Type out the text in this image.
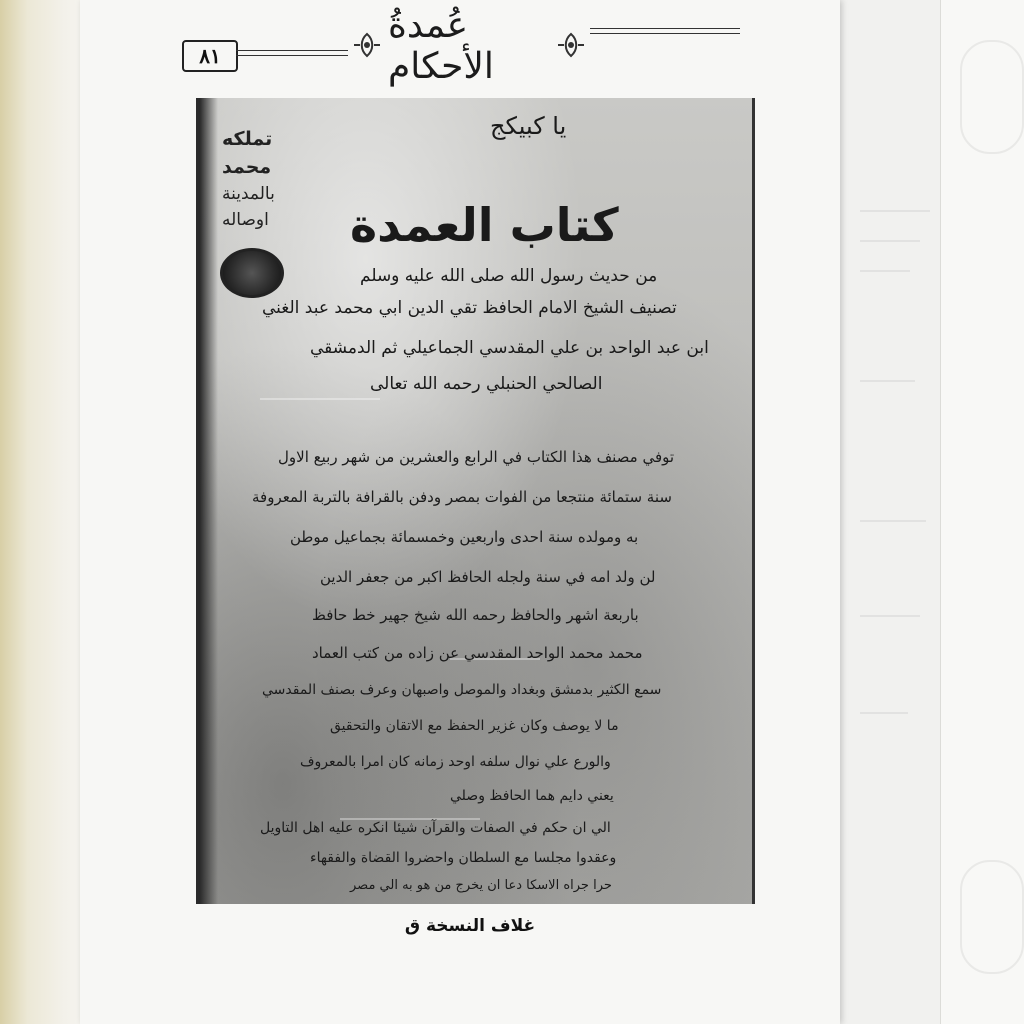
٨١
عُمدةُ الأحكام
يا كبيكج
تملكه
محمد
بالمدينة
اوصاله كتاب العمدة
من حديث رسول الله صلى الله عليه وسلم
تصنيف الشيخ الامام الحافظ تقي الدين ابي محمد عبد الغني
ابن عبد الواحد بن علي المقدسي الجماعيلي ثم الدمشقي
الصالحي الحنبلي رحمه الله تعالى
توفي مصنف هذا الكتاب في الرابع والعشرين من شهر ربيع الاول
سنة ستمائة منتجعا من الفوات بمصر ودفن بالقرافة بالتربة المعروفة
به ومولده سنة احدى واربعين وخمسمائة بجماعيل موطن
لن ولد امه في سنة ولجله الحافظ اكبر من جعفر الدين
باربعة اشهر والحافظ رحمه الله شيخ جهير خط حافظ
محمد محمد الواحد المقدسي عن زاده من كتب العماد
سمع الكثير بدمشق وبغداد والموصل واصبهان وعرف بصنف المقدسي
ما لا يوصف وكان غزير الحفظ مع الاتقان والتحقيق
والورع علي نوال سلفه اوحد زمانه كان امرا بالمعروف
يعني دايم هما الحافظ وصلي
الي ان حكم في الصفات والقرآن شيئا انكره عليه اهل التاويل
وعقدوا مجلسا مع السلطان واحضروا القضاة والفقهاء
حرا جراه الاسكا دعا ان يخرج من هو به الي مصر
غلاف النسخة ق
